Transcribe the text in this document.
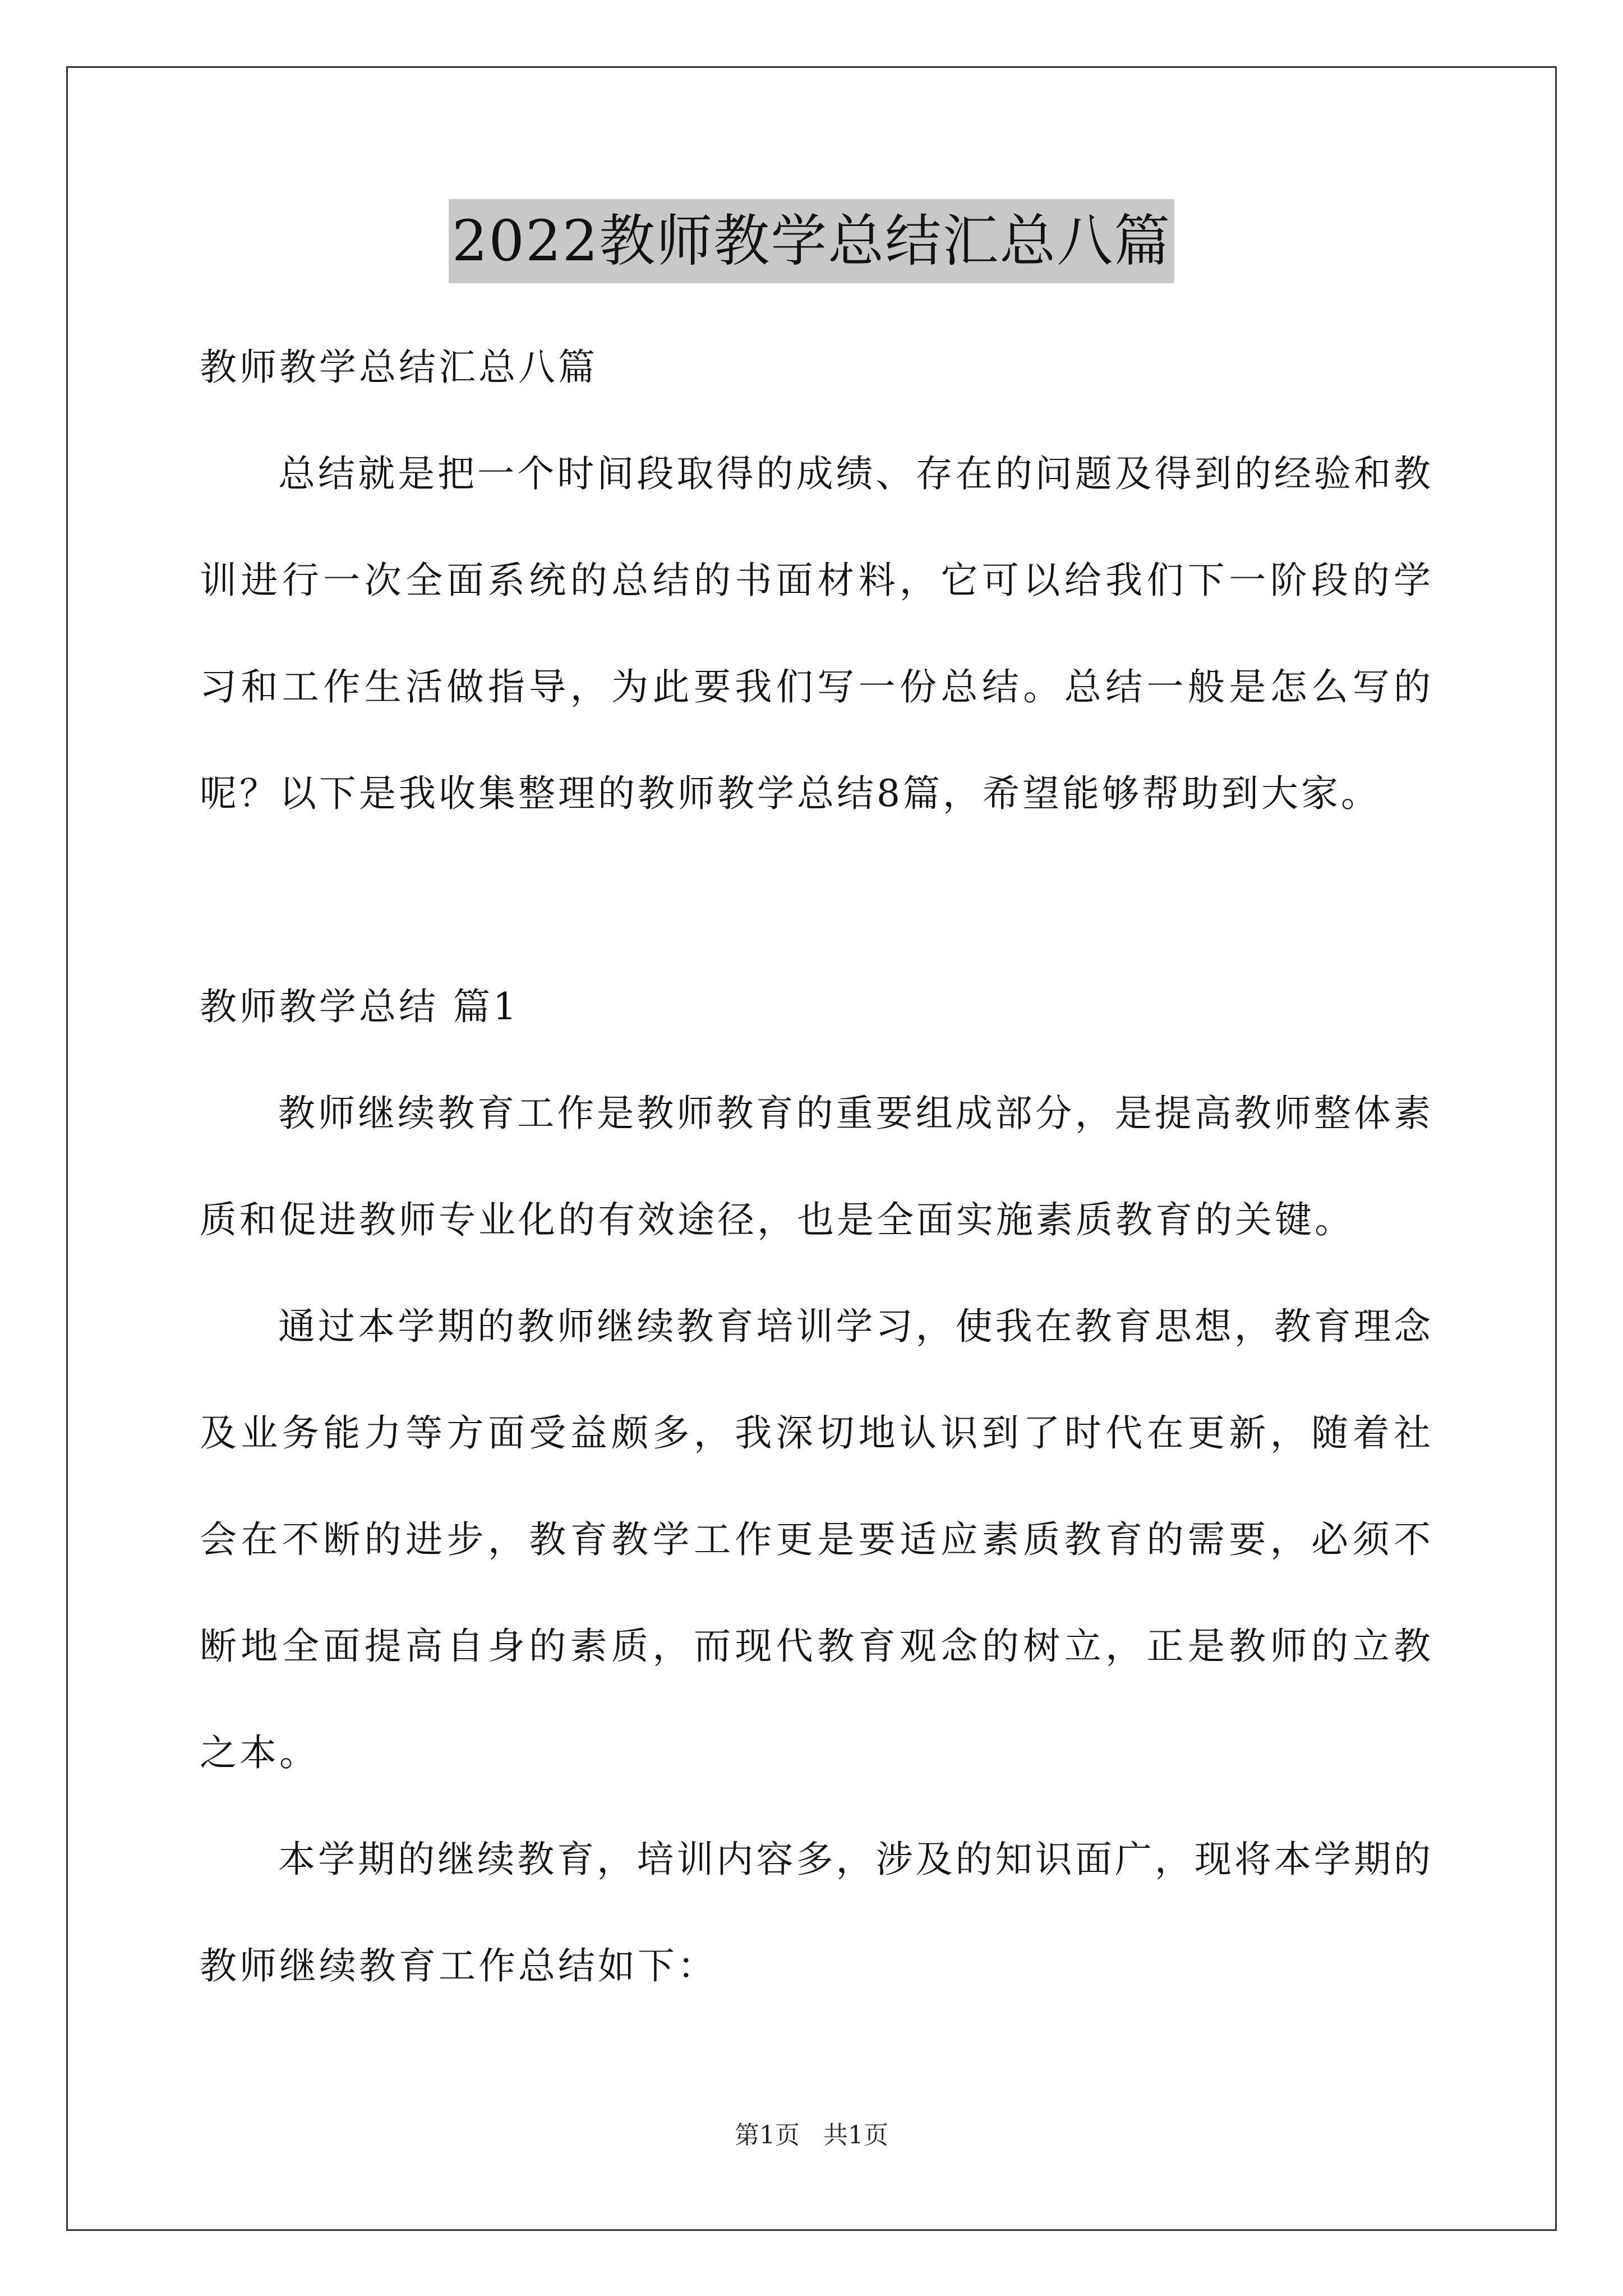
2022教师教学总结汇总八篇

教师教学总结汇总八篇

总结就是把一个时间段取得的成绩、存在的问题及得到的经验和教训进行一次全面系统的总结的书面材料，它可以给我们下一阶段的学习和工作生活做指导，为此要我们写一份总结。总结一般是怎么写的呢？以下是我收集整理的教师教学总结8篇，希望能够帮助到大家。

教师教学总结 篇1

教师继续教育工作是教师教育的重要组成部分，是提高教师整体素质和促进教师专业化的有效途径，也是全面实施素质教育的关键。

通过本学期的教师继续教育培训学习，使我在教育思想，教育理念及业务能力等方面受益颇多，我深切地认识到了时代在更新，随着社会在不断的进步，教育教学工作更是要适应素质教育的需要，必须不断地全面提高自身的素质，而现代教育观念的树立，正是教师的立教之本。

本学期的继续教育，培训内容多，涉及的知识面广，现将本学期的教师继续教育工作总结如下：

第1页   共1页
